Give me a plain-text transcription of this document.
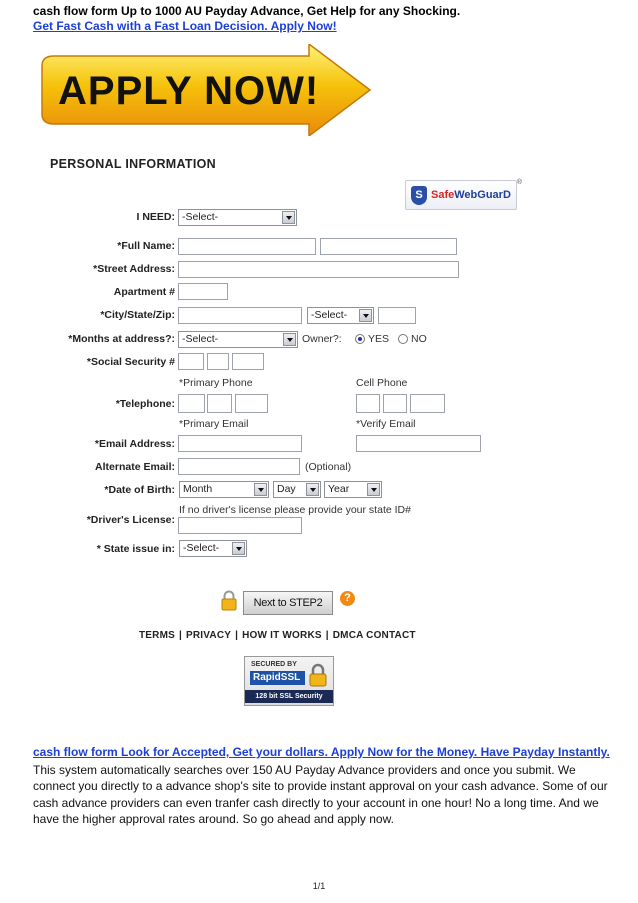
cash flow form Up to 1000 AU Payday Advance, Get Help for any Shocking.
Get Fast Cash with a Fast Loan Decision. Apply Now!
APPLY NOW!
PERSONAL INFORMATION
S SafeWebGuarD
®
I NEED: -Select-
*Full Name:
*Street Address:
Apartment #
*City/State/Zip:	-Select-
*Months at address?: -Select-	Owner?:	YES NO
*Social Security #
*Primary Phone	Cell Phone
*Telephone:
*Primary Email	*Verify Email
*Email Address:
Alternate Email:	(Optional)
*Date of Birth: Month	Day	Year
If no driver's license please provide your state ID#
*Driver's License:
* State issue in: -Select-
Next to STEP2	?
TERMS | PRIVACY | HOW IT WORKS | DMCA CONTACT
SECURED BY
RapidSSL
128 bit SSL Security
cash flow form Look for Accepted, Get your dollars. Apply Now for the Money. Have Payday Instantly.
This system automatically searches over 150 AU Payday Advance providers and once you submit. We connect you directly to a advance shop's site to provide instant approval on your cash advance. Some of our cash advance providers can even tranfer cash directly to your account in one hour! No a long time. And we have the higher approval rates around. So go ahead and apply now.
1/1
